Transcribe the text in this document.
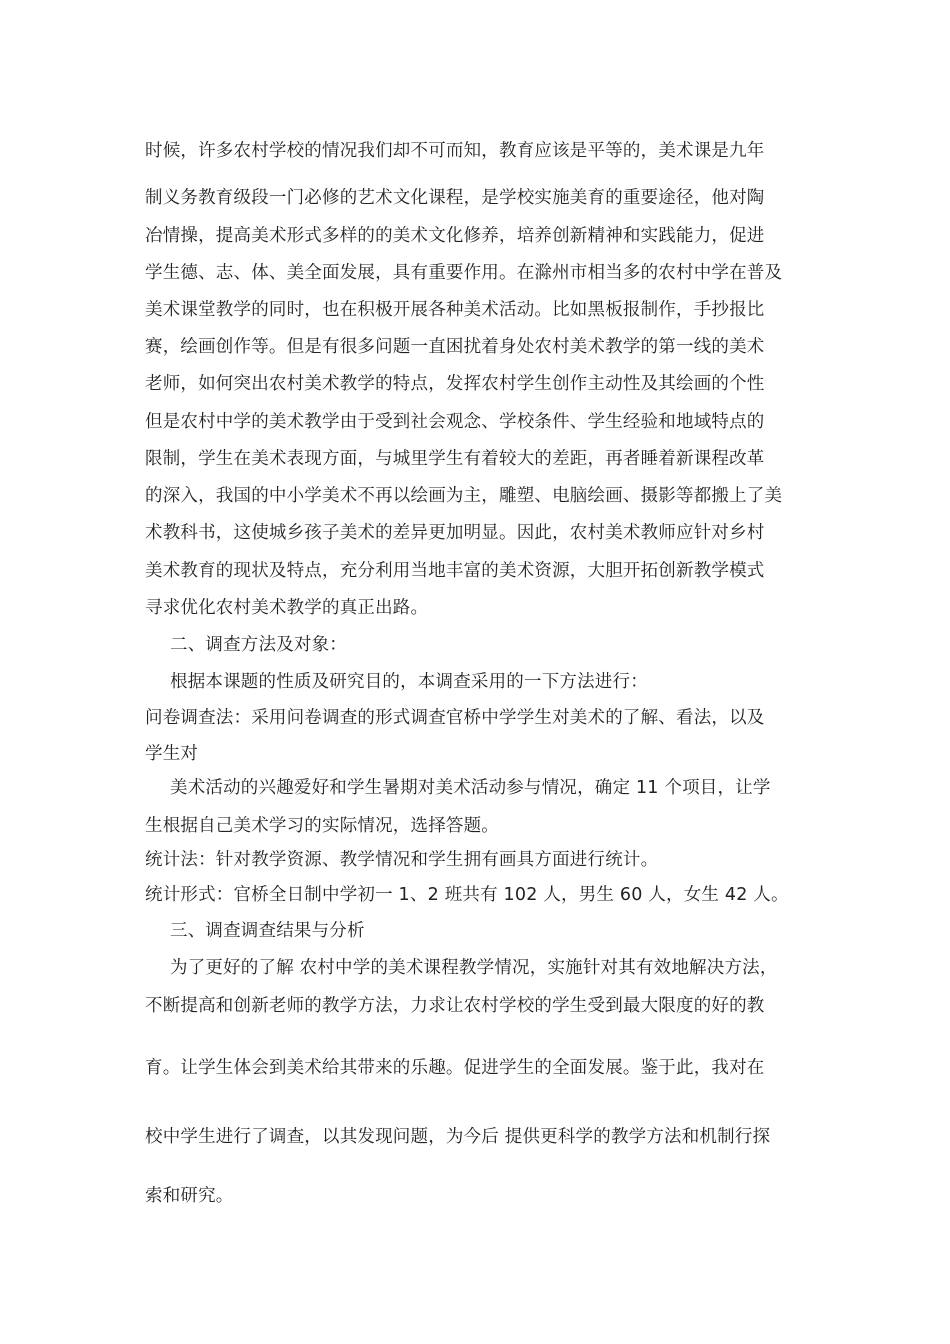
时候，许多农村学校的情况我们却不可而知，教育应该是平等的，美术课是九年
制义务教育级段一门必修的艺术文化课程，是学校实施美育的重要途径，他对陶
冶情操，提高美术形式多样的的美术文化修养，培养创新精神和实践能力，促进
学生德、志、体、美全面发展，具有重要作用。在滁州市相当多的农村中学在普及
美术课堂教学的同时，也在积极开展各种美术活动。比如黑板报制作，手抄报比
赛，绘画创作等。但是有很多问题一直困扰着身处农村美术教学的第一线的美术
老师，如何突出农村美术教学的特点，发挥农村学生创作主动性及其绘画的个性
但是农村中学的美术教学由于受到社会观念、学校条件、学生经验和地域特点的
限制，学生在美术表现方面，与城里学生有着较大的差距，再者睡着新课程改革
的深入，我国的中小学美术不再以绘画为主，雕塑、电脑绘画、摄影等都搬上了美
术教科书，这使城乡孩子美术的差异更加明显。因此，农村美术教师应针对乡村
美术教育的现状及特点，充分利用当地丰富的美术资源，大胆开拓创新教学模式
寻求优化农村美术教学的真正出路。
二、调查方法及对象：
根据本课题的性质及研究目的，本调查采用的一下方法进行：
问卷调查法：采用问卷调查的形式调查官桥中学学生对美术的了解、看法，以及
学生对
美术活动的兴趣爱好和学生暑期对美术活动参与情况，确定 11 个项目，让学
生根据自己美术学习的实际情况，选择答题。
统计法：针对教学资源、教学情况和学生拥有画具方面进行统计。
统计形式：官桥全日制中学初一 1、2 班共有 102 人，男生 60 人，女生 42 人。
三、调查调查结果与分析
为了更好的了解 农村中学的美术课程教学情况，实施针对其有效地解决方法，
不断提高和创新老师的教学方法，力求让农村学校的学生受到最大限度的好的教
育。让学生体会到美术给其带来的乐趣。促进学生的全面发展。鉴于此，我对在
校中学生进行了调查，以其发现问题，为今后 提供更科学的教学方法和机制行探
索和研究。
